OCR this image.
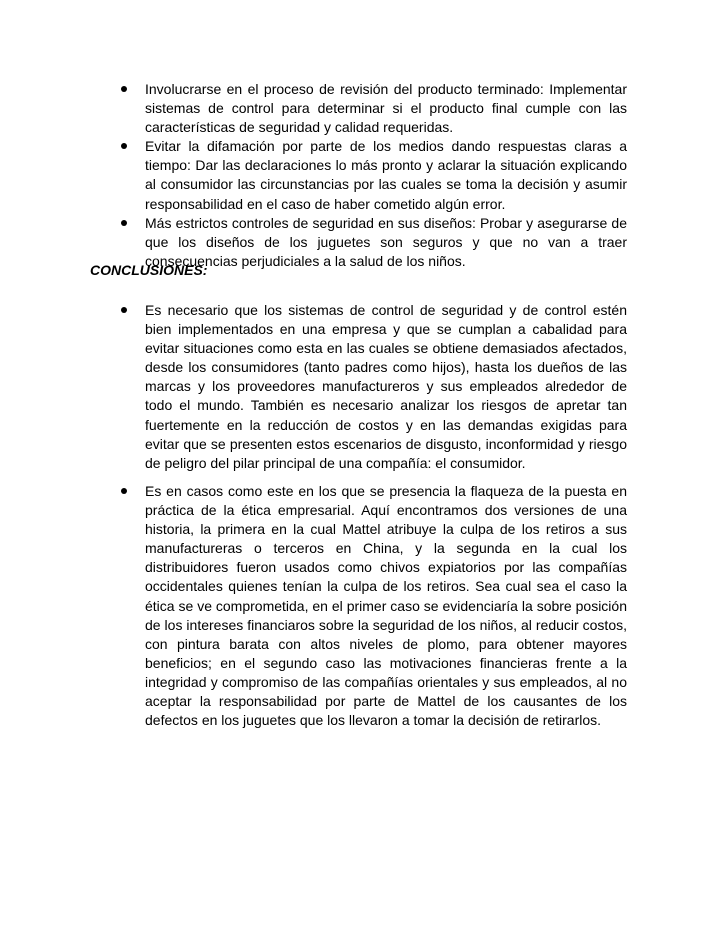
Involucrarse en el proceso de revisión del producto terminado: Implementar sistemas de control para determinar si el producto final cumple con las características de seguridad y calidad requeridas.
Evitar la difamación por parte de los medios dando respuestas claras a tiempo: Dar las declaraciones lo más pronto y aclarar la situación explicando al consumidor las circunstancias por las cuales se toma la decisión y asumir responsabilidad en el caso de haber cometido algún error.
Más estrictos controles de seguridad en sus diseños: Probar y asegurarse de que los diseños de los juguetes son seguros y que no van a traer consecuencias perjudiciales a la salud de los niños.
CONCLUSIONES:
Es necesario que los sistemas de control de seguridad y de control estén bien implementados en una empresa y que se cumplan a cabalidad para evitar situaciones como esta en las cuales se obtiene demasiados afectados, desde los consumidores (tanto padres como hijos), hasta los dueños de las marcas y los proveedores manufactureros y sus empleados alrededor de todo el mundo. También es necesario analizar los riesgos de apretar tan fuertemente en la reducción de costos y en las demandas exigidas para evitar que se presenten estos escenarios de disgusto, inconformidad y riesgo de peligro del pilar principal de una compañía: el consumidor.
Es en casos como este en los que se presencia la flaqueza de la puesta en práctica de la ética empresarial. Aquí encontramos dos versiones de una historia, la primera en la cual Mattel atribuye la culpa de los retiros a sus manufactureras o terceros en China, y la segunda en la cual los distribuidores fueron usados como chivos expiatorios por las compañías occidentales quienes tenían la culpa de los retiros. Sea cual sea el caso la ética se ve comprometida, en el primer caso se evidenciaría la sobre posición de los intereses financiaros sobre la seguridad de los niños, al reducir costos, con pintura barata con altos niveles de plomo, para obtener mayores beneficios; en el segundo caso las motivaciones financieras frente a la integridad y compromiso de las compañías orientales y sus empleados, al no aceptar la responsabilidad por parte de Mattel de los causantes de los defectos en los juguetes que los llevaron a tomar la decisión de retirarlos.
